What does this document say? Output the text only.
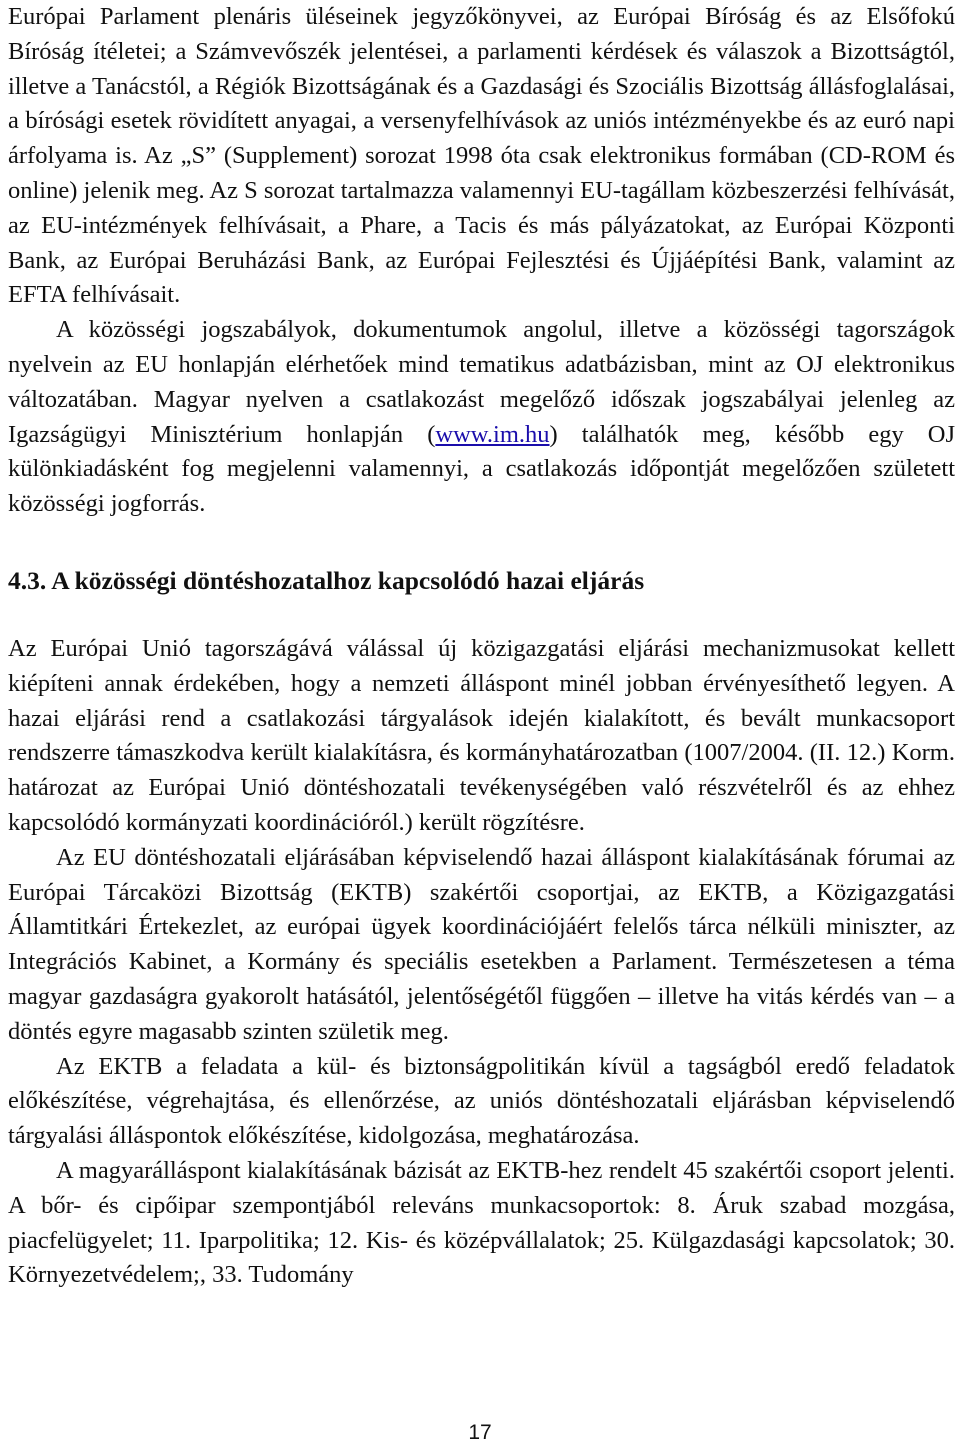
Európai Parlament plenáris üléseinek jegyzőkönyvei, az Európai Bíróság és az Elsőfokú Bíróság ítéletei; a Számvevőszék jelentései, a parlamenti kérdések és válaszok a Bizottságtól, illetve a Tanácstól, a Régiók Bizottságának és a Gazdasági és Szociális Bizottság állásfoglalásai, a bírósági esetek rövidített anyagai, a versenyfelhívások az uniós intézményekbe és az euró napi árfolyama is. Az „S” (Supplement) sorozat 1998 óta csak elektronikus formában (CD-ROM és online) jelenik meg. Az S sorozat tartalmazza valamennyi EU-tagállam közbeszerzési felhívását, az EU-intézmények felhívásait, a Phare, a Tacis és más pályázatokat, az Európai Központi Bank, az Európai Beruházási Bank, az Európai Fejlesztési és Újjáépítési Bank, valamint az EFTA felhívásait.

A közösségi jogszabályok, dokumentumok angolul, illetve a közösségi tagországok nyelvein az EU honlapján elérhetőek mind tematikus adatbázisban, mint az OJ elektronikus változatában. Magyar nyelven a csatlakozást megelőző időszak jogszabályai jelenleg az Igazságügyi Minisztérium honlapján (www.im.hu) találhatók meg, később egy OJ különkiadásként fog megjelenni valamennyi, a csatlakozás időpontját megelőzően született közösségi jogforrás.

4.3. A közösségi döntéshozatalhoz kapcsolódó hazai eljárás

Az Európai Unió tagországává válással új közigazgatási eljárási mechanizmusokat kellett kiépíteni annak érdekében, hogy a nemzeti álláspont minél jobban érvényesíthető legyen. A hazai eljárási rend a csatlakozási tárgyalások idején kialakított, és bevált munkacsoport rendszerre támaszkodva került kialakításra, és kormányhatározatban (1007/2004. (II. 12.) Korm. határozat az Európai Unió döntéshozatali tevékenységében való részvételről és az ehhez kapcsolódó kormányzati koordinációról.) került rögzítésre.

Az EU döntéshozatali eljárásában képviselendő hazai álláspont kialakításának fórumai az Európai Tárcaközi Bizottság (EKTB) szakértői csoportjai, az EKTB, a Közigazgatási Államtitkári Értekezlet, az európai ügyek koordinációjáért felelős tárca nélküli miniszter, az Integrációs Kabinet, a Kormány és speciális esetekben a Parlament. Természetesen a téma magyar gazdaságra gyakorolt hatásától, jelentőségétől függően – illetve ha vitás kérdés van – a döntés egyre magasabb szinten születik meg.

Az EKTB a feladata a kül- és biztonságpolitikán kívül a tagságból eredő feladatok előkészítése, végrehajtása, és ellenőrzése, az uniós döntéshozatali eljárásban képviselendő tárgyalási álláspontok előkészítése, kidolgozása, meghatározása.

A magyarálláspont kialakításának bázisát az EKTB-hez rendelt 45 szakértői csoport jelenti. A bőr- és cipőipar szempontjából releváns munkacsoportok: 8. Áruk szabad mozgása, piacfelügyelet; 11. Iparpolitika; 12. Kis- és középvállalatok; 25. Külgazdasági kapcsolatok; 30. Környezetvédelem;, 33. Tudomány

17
